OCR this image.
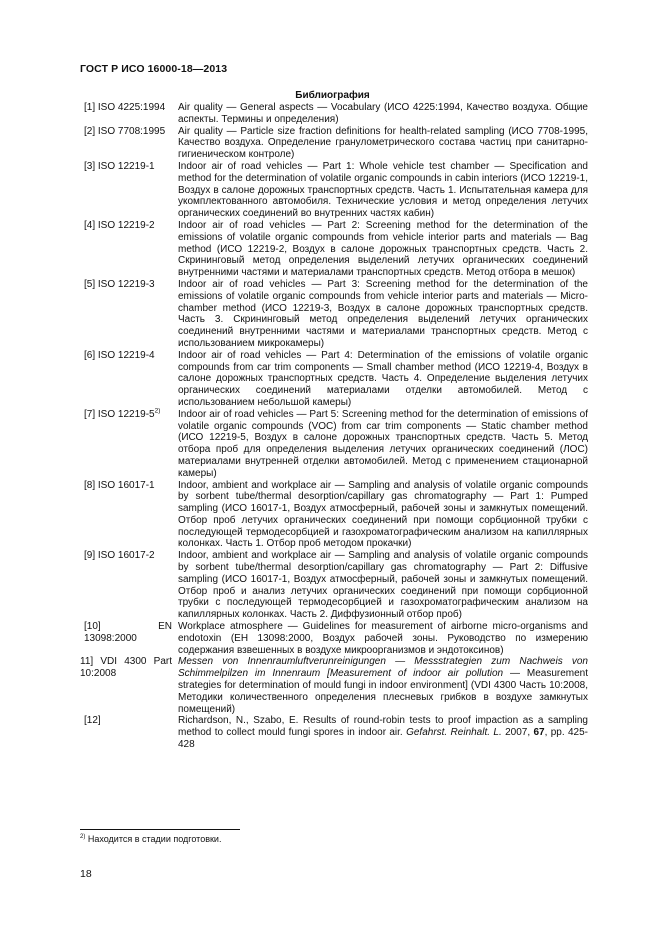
ГОСТ Р ИСО 16000-18—2013
Библиография
[1] ISO 4225:1994	Air quality — General aspects — Vocabulary (ИСО 4225:1994, Качество воздуха. Общие аспекты. Термины и определения)
[2] ISO 7708:1995	Air quality — Particle size fraction definitions for health-related sampling (ИСО 7708-1995, Качество воздуха. Определение гранулометрического состава частиц при санитарно-гигиеническом контроле)
[3] ISO 12219-1	Indoor air of road vehicles — Part 1: Whole vehicle test chamber — Specification and method for the determination of volatile organic compounds in cabin interiors (ИСО 12219-1, Воздух в салоне дорожных транспортных средств. Часть 1. Испытательная камера для укомплектованного автомобиля. Технические условия и метод определения летучих органических соединений во внутренних частях кабин)
[4] ISO 12219-2	Indoor air of road vehicles — Part 2: Screening method for the determination of the emissions of volatile organic compounds from vehicle interior parts and materials — Bag method (ИСО 12219-2, Воздух в салоне дорожных транспортных средств. Часть 2. Скрининговый метод определения выделений летучих органических соединений внутренними частями и материалами транспортных средств. Метод отбора в мешок)
[5] ISO 12219-3	Indoor air of road vehicles — Part 3: Screening method for the determination of the emissions of volatile organic compounds from vehicle interior parts and materials — Micro-chamber method (ИСО 12219-3, Воздух в салоне дорожных транспортных средств. Часть 3. Скрининговый метод определения выделений летучих органических соединений внутренними частями и материалами транспортных средств. Метод с использованием микрокамеры)
[6] ISO 12219-4	Indoor air of road vehicles — Part 4: Determination of the emissions of volatile organic compounds from car trim components — Small chamber method (ИСО 12219-4, Воздух в салоне дорожных транспортных средств. Часть 4. Определение выделения летучих органических соединений материалами отделки автомобилей. Метод с использованием небольшой камеры)
[7] ISO 12219-5$^{2)}$	Indoor air of road vehicles — Part 5: Screening method for the determination of emissions of volatile organic compounds (VOC) from car trim components — Static chamber method (ИСО 12219-5, Воздух в салоне дорожных транспортных средств. Часть 5. Метод отбора проб для определения выделения летучих органических соединений (ЛОС) материалами внутренней отделки автомобилей. Метод с применением стационарной камеры)
[8] ISO 16017-1	Indoor, ambient and workplace air — Sampling and analysis of volatile organic compounds by sorbent tube/thermal desorption/capillary gas chromatography — Part 1: Pumped sampling (ИСО 16017-1, Воздух атмосферный, рабочей зоны и замкнутых помещений. Отбор проб летучих органических соединений при помощи сорбционной трубки с последующей термодесорбцией и газохроматографическим анализом на капиллярных колонках. Часть 1. Отбор проб методом прокачки)
[9] ISO 16017-2	Indoor, ambient and workplace air — Sampling and analysis of volatile organic compounds by sorbent tube/thermal desorption/capillary gas chromatography — Part 2: Diffusive sampling (ИСО 16017-1, Воздух атмосферный, рабочей зоны и замкнутых помещений. Отбор проб и анализ летучих органических соединений при помощи сорбционной трубки с последующей термодесорбцией и газохроматографическим анализом на капиллярных колонках. Часть 2. Диффузионный отбор проб)
[10] EN 13098:2000	Workplace atmosphere — Guidelines for measurement of airborne micro-organisms and endotoxin (ЕН 13098:2000, Воздух рабочей зоны. Руководство по измерению содержания взвешенных в воздухе микроорганизмов и эндотоксинов)
11] VDI 4300 Part 10:2008	Messen von Innenraumluftverunreinigungen — Messstrategien zum Nachweis von Schimmelpilzen im Innenraum [Measurement of indoor air pollution — Measurement strategies for determination of mould fungi in indoor environment] (VDI 4300 Часть 10:2008, Методики количественного определения плесневых грибков в воздухе замкнутых помещений)
[12]	Richardson, N., Szabo, E. Results of round-robin tests to proof impaction as a sampling method to collect mould fungi spores in indoor air. Gefahrst. Reinhalt. L. 2007, 67, pp. 425-428
$^{2)}$ Находится в стадии подготовки.
18
